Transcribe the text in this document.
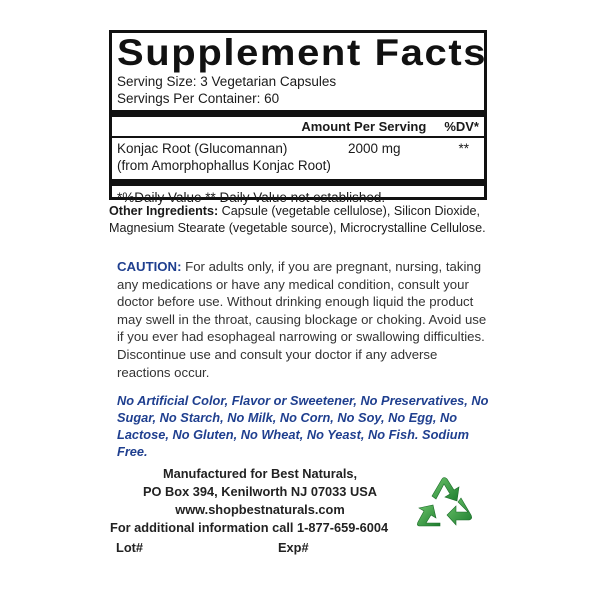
Supplement Facts
Serving Size: 3 Vegetarian Capsules
Servings Per Container: 60
Amount Per Serving %DV*
Konjac Root (Glucomannan)	2000 mg	**
(from Amorphophallus Konjac Root)
*%Daily Value ** Daily Value not established.
Other Ingredients: Capsule (vegetable cellulose), Silicon Dioxide, Magnesium Stearate (vegetable source), Microcrystalline Cellulose.
CAUTION: For adults only, if you are pregnant, nursing, taking any medications or have any medical condition, consult your doctor before use. Without drinking enough liquid the product may swell in the throat, causing blockage or choking. Avoid use if you ever had esophageal narrowing or swallowing difficulties. Discontinue use and consult your doctor if any adverse reactions occur.
No Artificial Color, Flavor or Sweetener, No Preservatives, No Sugar, No Starch, No Milk, No Corn, No Soy, No Egg, No Lactose, No Gluten, No Wheat, No Yeast, No Fish. Sodium Free.
Manufactured for Best Naturals,
PO Box 394, Kenilworth NJ 07033 USA
www.shopbestnaturals.com
For additional information call 1-877-659-6004
Lot#	Exp#
